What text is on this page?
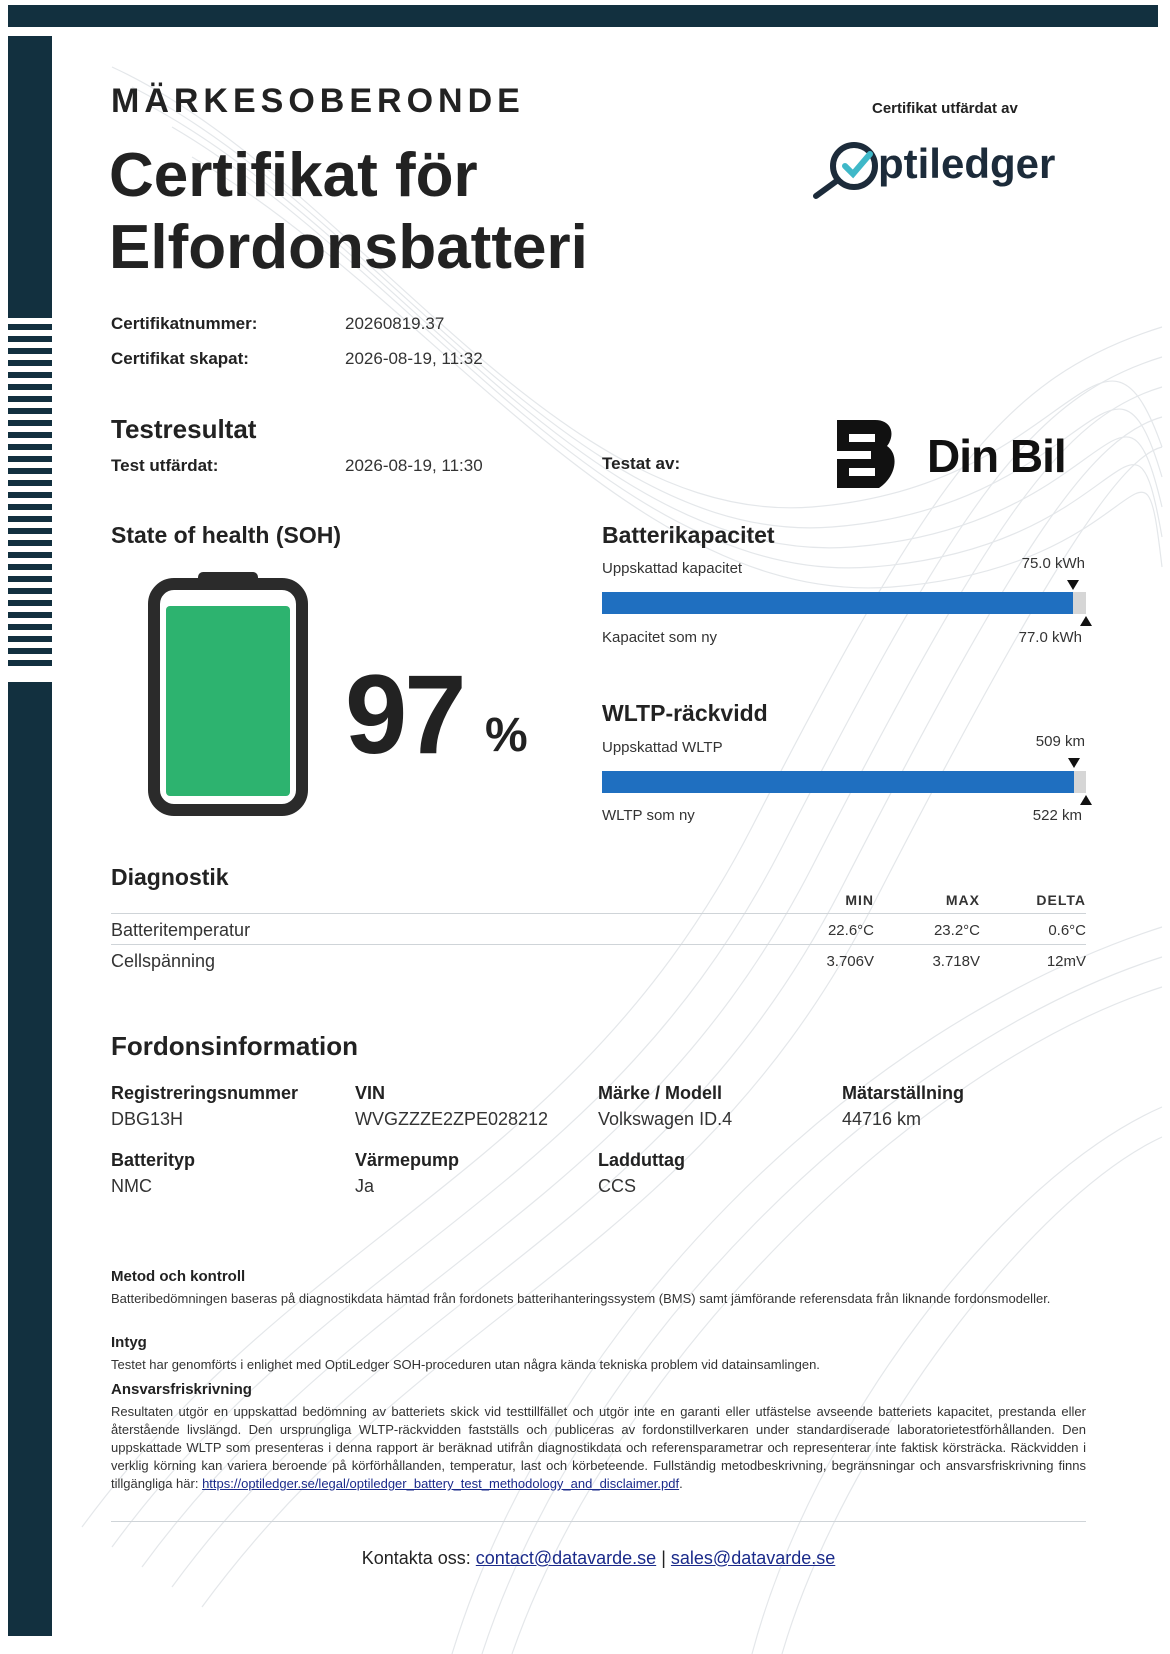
MÄRKESOBERONDE
Certifikat för
Elfordonsbatteri
Certifikat utfärdat av
ptiledger
Certifikatnummer:	20260819.37
Certifikat skapat:	2026-08-19, 11:32
Testresultat
Test utfärdat:	2026-08-19, 11:30	Testat av:	Din Bil
State of health (SOH)
97 %
Batterikapacitet
Uppskattad kapacitet	75.0 kWh
Kapacitet som ny	77.0 kWh
WLTP-räckvidd
Uppskattad WLTP	509 km
WLTP som ny	522 km
Diagnostik
MIN	MAX	DELTA
Batteritemperatur	22.6°C	23.2°C	0.6°C
Cellspänning	3.706V	3.718V	12mV
Fordonsinformation
Registreringsnummer
DBG13H
VIN
WVGZZZE2ZPE028212
Märke / Modell
Volkswagen ID.4
Mätarställning
44716 km
Batterityp
NMC
Värmepump
Ja
Ladduttag
CCS
Metod och kontroll
Batteribedömningen baseras på diagnostikdata hämtad från fordonets batterihanteringssystem (BMS) samt jämförande referensdata från liknande fordonsmodeller.
Intyg
Testet har genomförts i enlighet med OptiLedger SOH-proceduren utan några kända tekniska problem vid datainsamlingen.
Ansvarsfriskrivning
Resultaten utgör en uppskattad bedömning av batteriets skick vid testtillfället och utgör inte en garanti eller utfästelse avseende batteriets kapacitet, prestanda eller återstående livslängd. Den ursprungliga WLTP-räckvidden fastställs och publiceras av fordonstillverkaren under standardiserade laboratorietestförhållanden. Den uppskattade WLTP som presenteras i denna rapport är beräknad utifrån diagnostikdata och referensparametrar och representerar inte faktisk körsträcka. Räckvidden i verklig körning kan variera beroende på körförhållanden, temperatur, last och körbeteende. Fullständig metodbeskrivning, begränsningar och ansvarsfriskrivning finns tillgängliga här: https://optiledger.se/legal/optiledger_battery_test_methodology_and_disclaimer.pdf.
Kontakta oss: contact@datavarde.se | sales@datavarde.se
